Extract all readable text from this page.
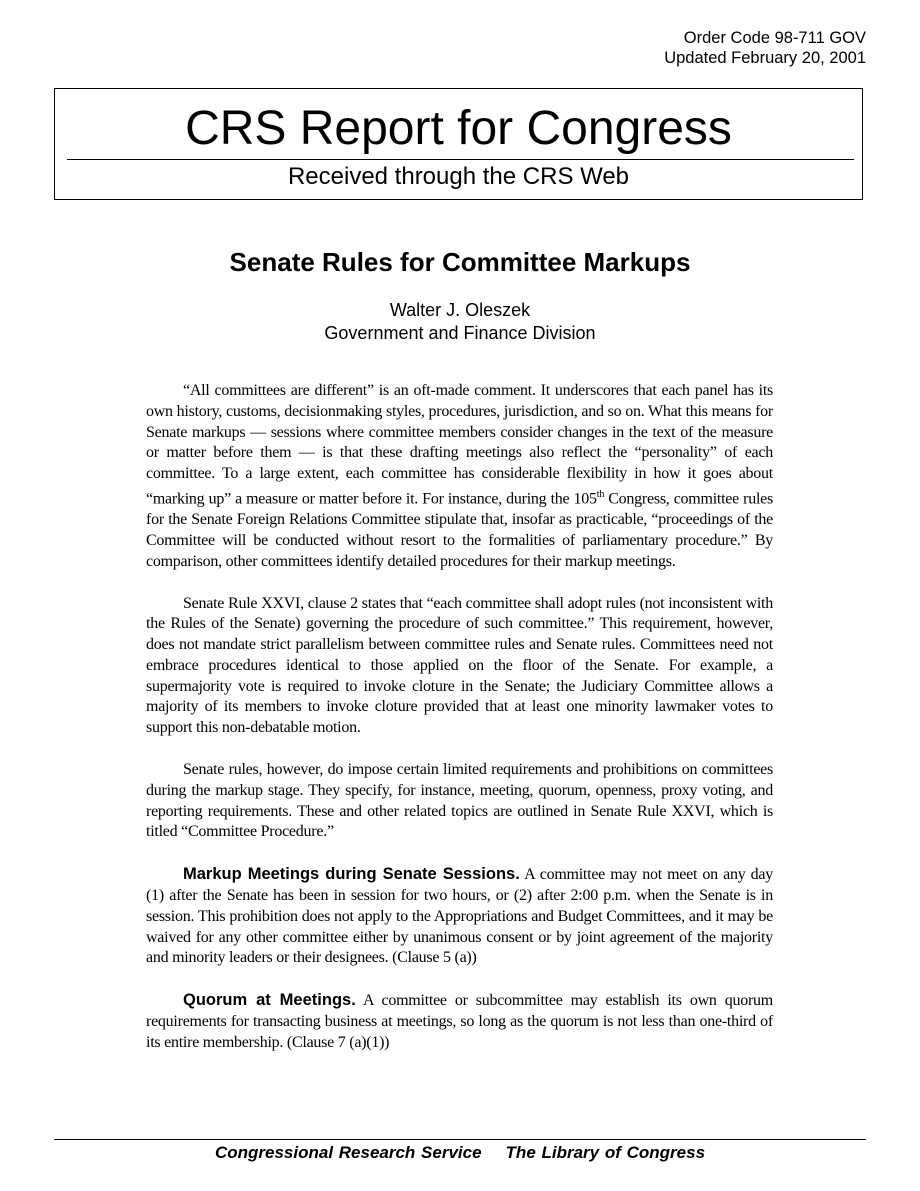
Order Code 98-711 GOV
Updated February 20, 2001
CRS Report for Congress
Received through the CRS Web
Senate Rules for Committee Markups
Walter J. Oleszek
Government and Finance Division

“All committees are different” is an oft-made comment. It underscores that each panel has its own history, customs, decisionmaking styles, procedures, jurisdiction, and so on. What this means for Senate markups — sessions where committee members consider changes in the text of the measure or matter before them — is that these drafting meetings also reflect the “personality” of each committee. To a large extent, each committee has considerable flexibility in how it goes about “marking up” a measure or matter before it. For instance, during the 105th Congress, committee rules for the Senate Foreign Relations Committee stipulate that, insofar as practicable, “proceedings of the Committee will be conducted without resort to the formalities of parliamentary procedure.” By comparison, other committees identify detailed procedures for their markup meetings.

Senate Rule XXVI, clause 2 states that “each committee shall adopt rules (not inconsistent with the Rules of the Senate) governing the procedure of such committee.” This requirement, however, does not mandate strict parallelism between committee rules and Senate rules. Committees need not embrace procedures identical to those applied on the floor of the Senate. For example, a supermajority vote is required to invoke cloture in the Senate; the Judiciary Committee allows a majority of its members to invoke cloture provided that at least one minority lawmaker votes to support this non-debatable motion.

Senate rules, however, do impose certain limited requirements and prohibitions on committees during the markup stage. They specify, for instance, meeting, quorum, openness, proxy voting, and reporting requirements. These and other related topics are outlined in Senate Rule XXVI, which is titled “Committee Procedure.”

Markup Meetings during Senate Sessions. A committee may not meet on any day (1) after the Senate has been in session for two hours, or (2) after 2:00 p.m. when the Senate is in session. This prohibition does not apply to the Appropriations and Budget Committees, and it may be waived for any other committee either by unanimous consent or by joint agreement of the majority and minority leaders or their designees. (Clause 5 (a))

Quorum at Meetings. A committee or subcommittee may establish its own quorum requirements for transacting business at meetings, so long as the quorum is not less than one-third of its entire membership. (Clause 7 (a)(1))

Congressional Research Service The Library of Congress
